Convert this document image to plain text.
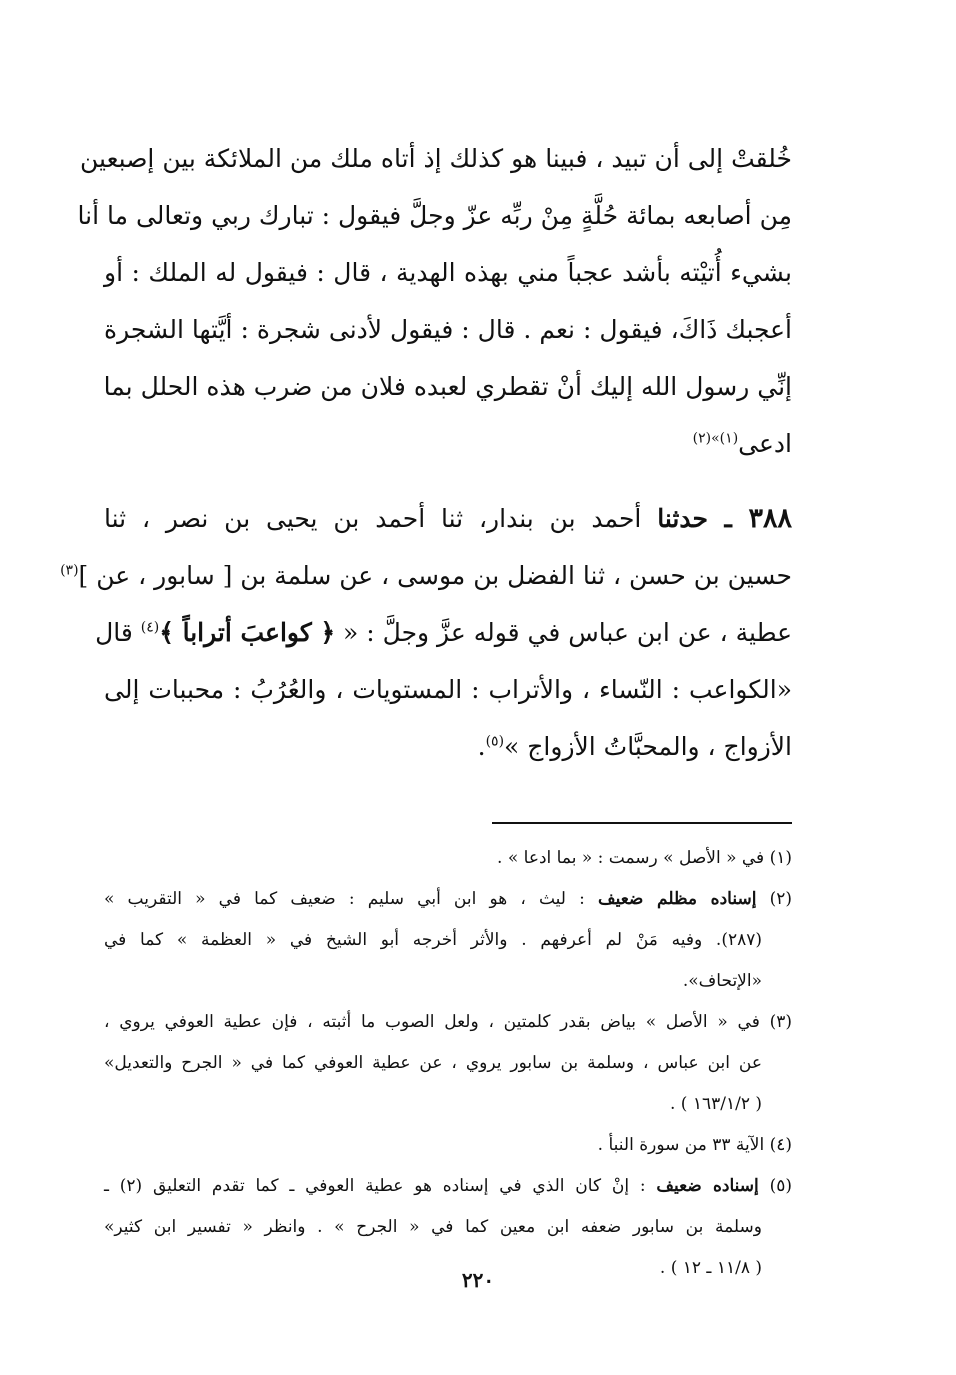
خُلقتْ إلى أن تبيد ، فبينا هو كذلك إذ أتاه ملك من الملائكة بين إصبعين
مِن أصابعه بمائة حُلَّةٍ مِنْ ربِّه عزّ وجلَّ فيقول : تبارك ربي وتعالى ما أنا
بشيء أُتيْته بأشد عجباً مني بهذه الهدية ، قال : فيقول له الملك : أو
أعجبك ذَاكَ، فيقول : نعم . قال : فيقول لأدنى شجرة : أيَّتها الشجرة
إنِّي رسول الله إليك أنْ تقطري لعبده فلان من ضرب هذه الحلل بما
ادعى$^{(١)»(٢)}$
٣٨٨ ـ حدثنا أحمد بن بندار، ثنا أحمد بن يحيى بن نصر ، ثنا
حسين بن حسن ، ثنا الفضل بن موسى ، عن سلمة بن [ سابور ، عن ]$^{(٣)}$
عطية ، عن ابن عباس في قوله عزَّ وجلَّ : « ﴿ كواعبَ أتراباً ﴾$^{(٤)}$ قال
«الكواعب : النّساء ، والأتراب : المستويات ، والعُرُبُ : محببات إلى
الأزواج ، والمحبَّاتُ الأزواج »$^{(٥)}$.
(١) في « الأصل » رسمت : « بما ادعا » .
(٢) إسناده مظلم ضعيف : ليث ، هو ابن أبي سليم : ضعيف كما في « التقريب »
(٢٨٧). وفيه مَنْ لم أعرفهم . والأثر أخرجه أبو الشيخ في « العظمة » كما في
«الإتحاف».
(٣) في « الأصل » بياض بقدر كلمتين ، ولعل الصوب ما أثبته ، فإن عطية العوفي يروي ،
عن ابن عباس ، وسلمة بن سابور يروي ، عن عطية العوفي كما في « الجرح والتعديل»
( ١٦٣/١/٢ ) .
(٤) الآية ٣٣ من سورة النبأ .
(٥) إسناده ضعيف : إنْ كان الذي في إسناده هو عطية العوفي ـ كما تقدم التعليق (٢) ـ
وسلمة بن سابور ضعفه ابن معين كما في « الجرح » . وانظر « تفسير ابن كثير»
( ١١/٨ ـ ١٢ ) .
٢٢٠
